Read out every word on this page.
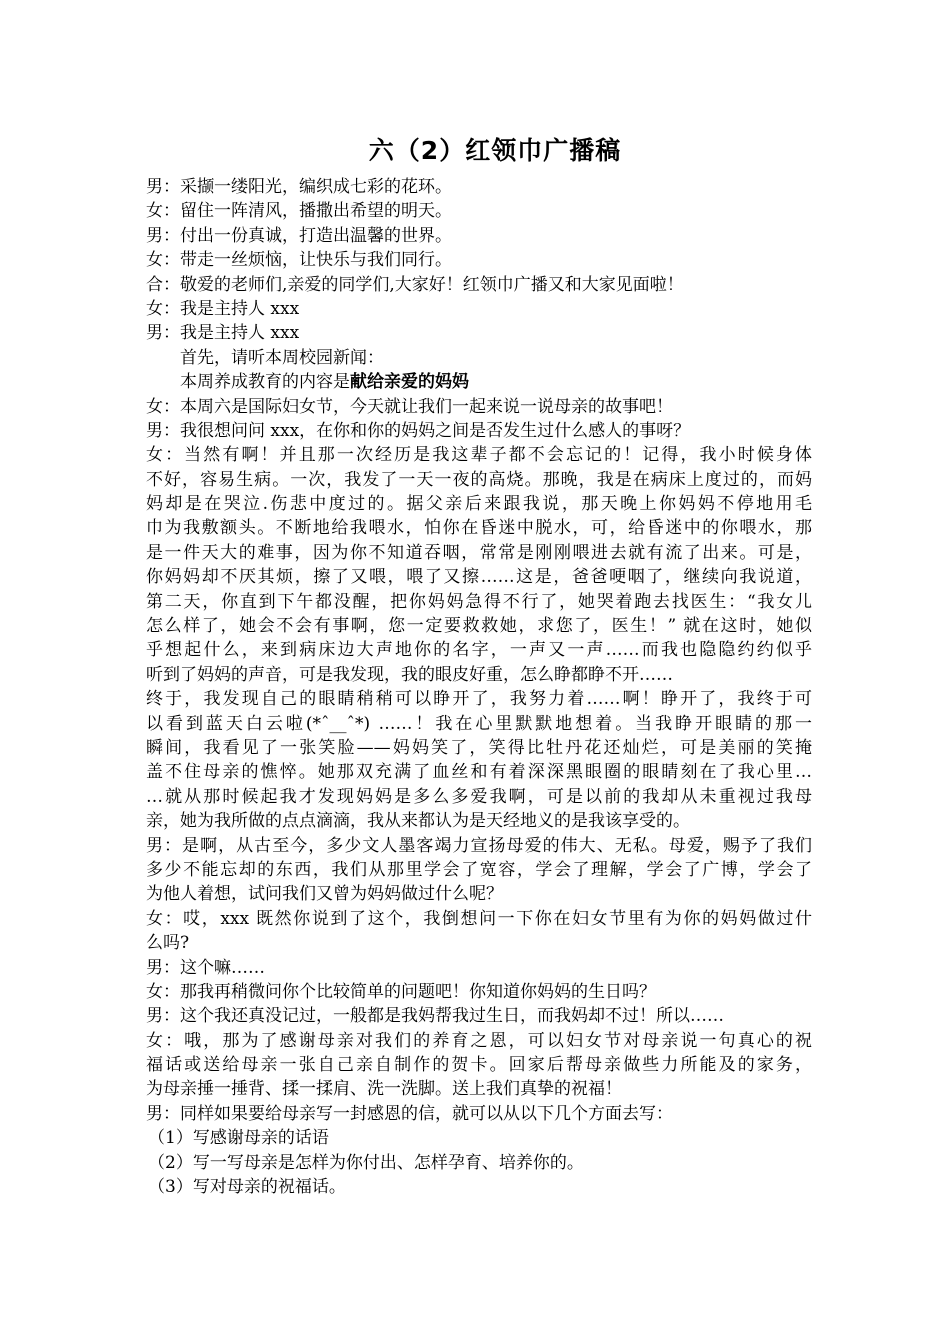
六（2）红领巾广播稿
男：采撷一缕阳光，编织成七彩的花环。
女：留住一阵清风，播撒出希望的明天。
男：付出一份真诚，打造出温馨的世界。
女：带走一丝烦恼，让快乐与我们同行。
合：敬爱的老师们,亲爱的同学们,大家好！红领巾广播又和大家见面啦！
女：我是主持人 xxx
男：我是主持人 xxx
首先，请听本周校园新闻：
本周养成教育的内容是献给亲爱的妈妈
女：本周六是国际妇女节，今天就让我们一起来说一说母亲的故事吧！
男：我很想问问 xxx，在你和你的妈妈之间是否发生过什么感人的事呀？
女：当然有啊！并且那一次经历是我这辈子都不会忘记的！记得，我小时候身体
不好，容易生病。一次，我发了一天一夜的高烧。那晚，我是在病床上度过的，而妈
妈却是在哭泣.伤悲中度过的。据父亲后来跟我说，那天晚上你妈妈不停地用毛
巾为我敷额头。不断地给我喂水，怕你在昏迷中脱水，可，给昏迷中的你喂水，那
是一件天大的难事，因为你不知道吞咽，常常是刚刚喂进去就有流了出来。可是，
你妈妈却不厌其烦，擦了又喂，喂了又擦……这是，爸爸哽咽了，继续向我说道，
第二天，你直到下午都没醒，把你妈妈急得不行了，她哭着跑去找医生：“我女儿
怎么样了，她会不会有事啊，您一定要救救她，求您了，医生！” 就在这时，她似
乎想起什么，来到病床边大声地你的名字，一声又一声……而我也隐隐约约似乎
听到了妈妈的声音，可是我发现，我的眼皮好重，怎么睁都睁不开……
终于，我发现自己的眼睛稍稍可以睁开了，我努力着……啊！睁开了，我终于可
以看到蓝天白云啦(*ˆ__ˆ*) ……！我在心里默默地想着。当我睁开眼睛的那一
瞬间，我看见了一张笑脸——妈妈笑了，笑得比牡丹花还灿烂，可是美丽的笑掩
盖不住母亲的憔悴。她那双充满了血丝和有着深深黑眼圈的眼睛刻在了我心里…
…就从那时候起我才发现妈妈是多么多爱我啊，可是以前的我却从未重视过我母
亲，她为我所做的点点滴滴，我从来都认为是天经地义的是我该享受的。
男：是啊，从古至今，多少文人墨客竭力宣扬母爱的伟大、无私。母爱，赐予了我们
多少不能忘却的东西，我们从那里学会了宽容，学会了理解，学会了广博，学会了
为他人着想，试问我们又曾为妈妈做过什么呢？
女：哎，xxx 既然你说到了这个，我倒想问一下你在妇女节里有为你的妈妈做过什
么吗?
男：这个嘛……
女：那我再稍微问你个比较简单的问题吧！你知道你妈妈的生日吗？
男：这个我还真没记过，一般都是我妈帮我过生日，而我妈却不过！所以……
女：哦，那为了感谢母亲对我们的养育之恩，可以妇女节对母亲说一句真心的祝
福话或送给母亲一张自己亲自制作的贺卡。回家后帮母亲做些力所能及的家务，
为母亲捶一捶背、揉一揉肩、洗一洗脚。送上我们真挚的祝福！
男：同样如果要给母亲写一封感恩的信，就可以从以下几个方面去写：
（1）写感谢母亲的话语
（2）写一写母亲是怎样为你付出、怎样孕育、培养你的。
（3）写对母亲的祝福话。
